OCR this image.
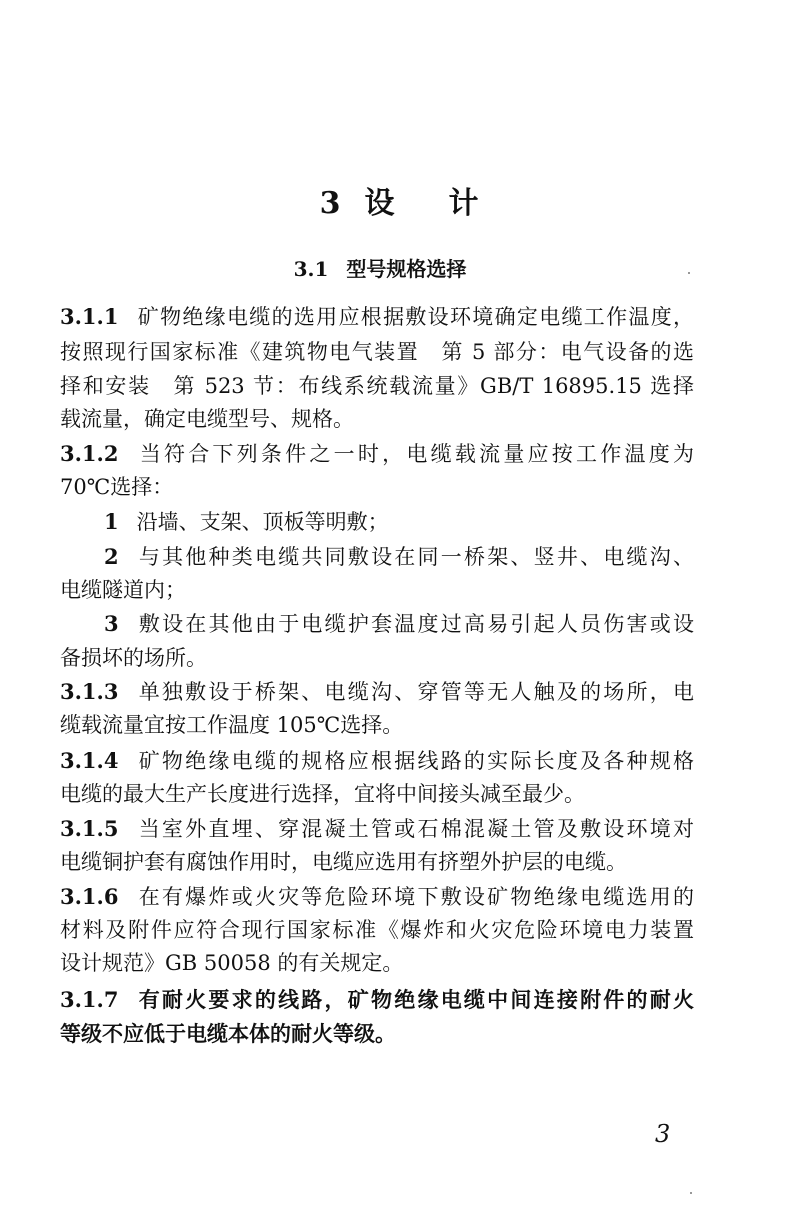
3 设 计
3.1 型号规格选择
3.1.1 矿物绝缘电缆的选用应根据敷设环境确定电缆工作温度，
按照现行国家标准《建筑物电气装置　第 5 部分：电气设备的选
择和安装　第 523 节：布线系统载流量》GB/T 16895.15 选择
载流量，确定电缆型号、规格。
3.1.2 当符合下列条件之一时，电缆载流量应按工作温度为
70℃选择：
1 沿墙、支架、顶板等明敷；
2 与其他种类电缆共同敷设在同一桥架、竖井、电缆沟、
电缆隧道内；
3 敷设在其他由于电缆护套温度过高易引起人员伤害或设
备损坏的场所。
3.1.3 单独敷设于桥架、电缆沟、穿管等无人触及的场所，电
缆载流量宜按工作温度 105℃选择。
3.1.4 矿物绝缘电缆的规格应根据线路的实际长度及各种规格
电缆的最大生产长度进行选择，宜将中间接头减至最少。
3.1.5 当室外直埋、穿混凝土管或石棉混凝土管及敷设环境对
电缆铜护套有腐蚀作用时，电缆应选用有挤塑外护层的电缆。
3.1.6 在有爆炸或火灾等危险环境下敷设矿物绝缘电缆选用的
材料及附件应符合现行国家标准《爆炸和火灾危险环境电力装置
设计规范》GB 50058 的有关规定。
3.1.7 有耐火要求的线路，矿物绝缘电缆中间连接附件的耐火
等级不应低于电缆本体的耐火等级。
3
